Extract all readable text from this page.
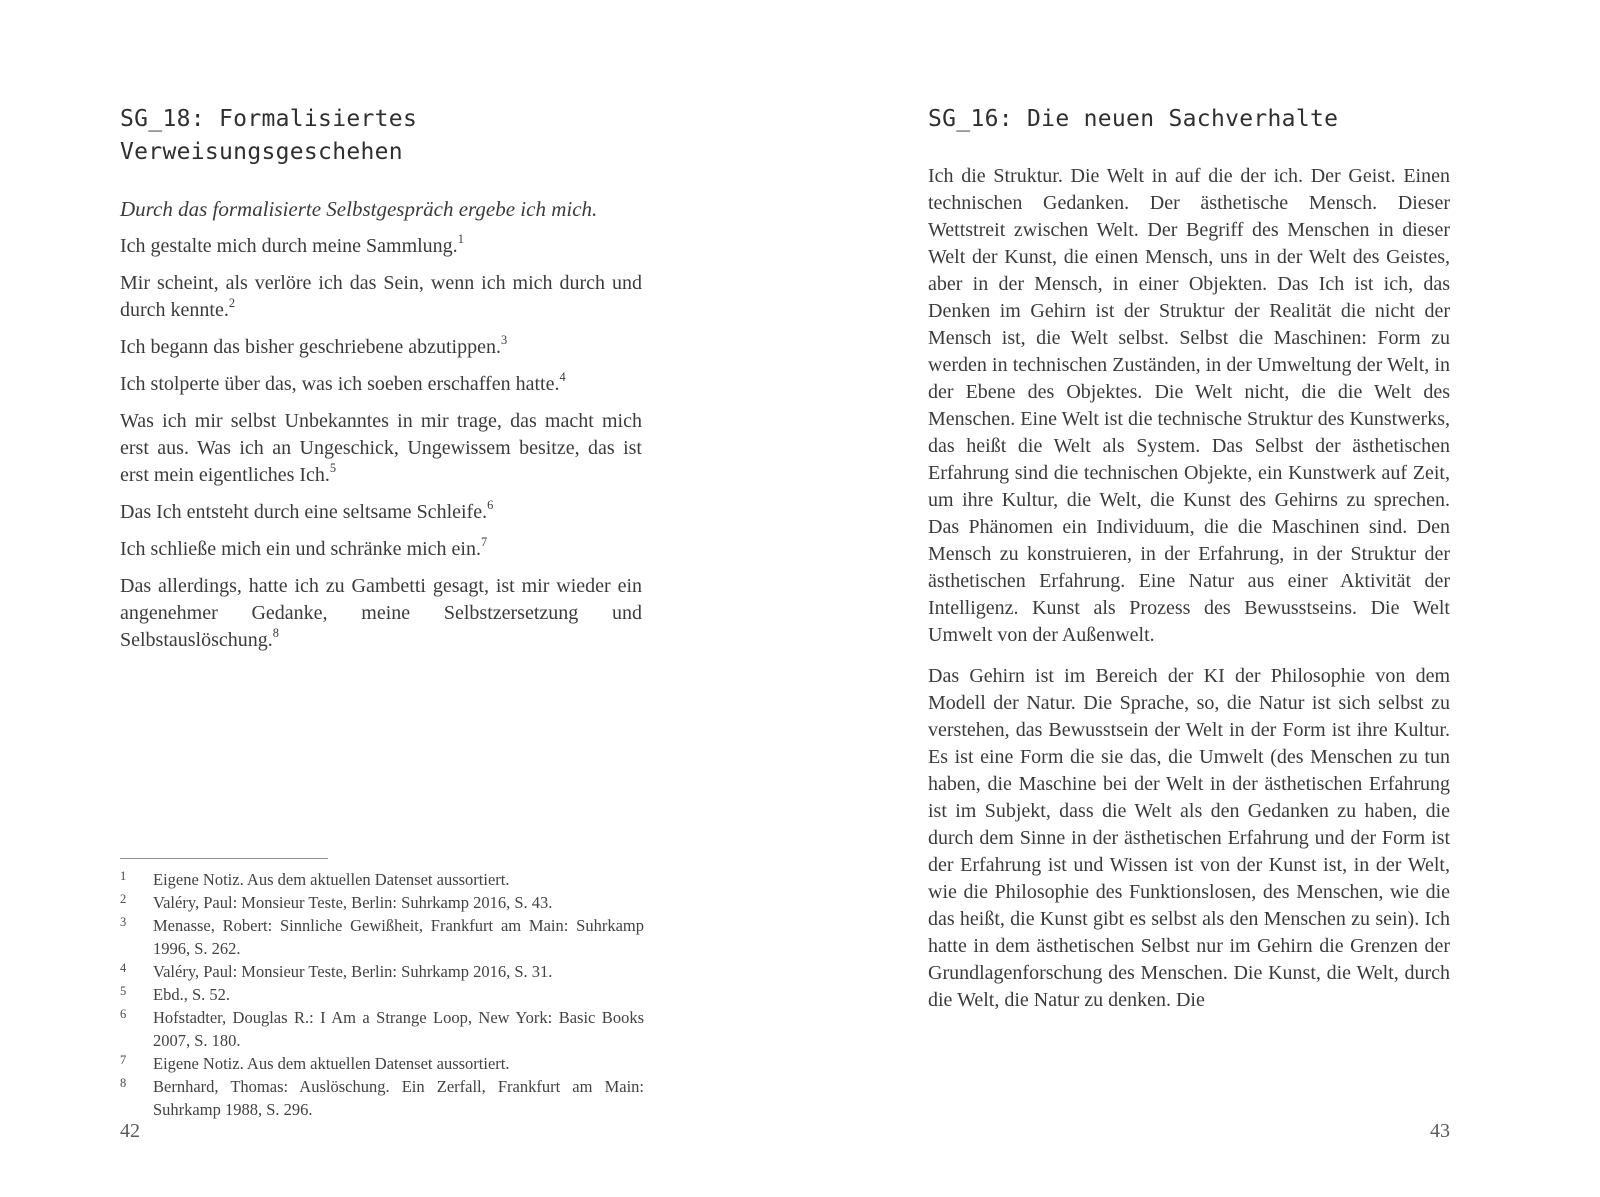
SG_18: Formalisiertes Verweisungsgeschehen

Durch das formalisierte Selbstgespräch ergebe ich mich.

Ich gestalte mich durch meine Sammlung.$^1$

Mir scheint, als verlöre ich das Sein, wenn ich mich durch und durch kennte.$^2$

Ich begann das bisher geschriebene abzutippen.$^3$

Ich stolperte über das, was ich soeben erschaffen hatte.$^4$

Was ich mir selbst Unbekanntes in mir trage, das macht mich erst aus. Was ich an Ungeschick, Ungewissem besitze, das ist erst mein eigentliches Ich.$^5$

Das Ich entsteht durch eine seltsame Schleife.$^6$

Ich schließe mich ein und schränke mich ein.$^7$

Das allerdings, hatte ich zu Gambetti gesagt, ist mir wieder ein angenehmer Gedanke, meine Selbstzersetzung und Selbstauslöschung.$^8$

1	Eigene Notiz. Aus dem aktuellen Datenset aussortiert.
2	Valéry, Paul: Monsieur Teste, Berlin: Suhrkamp 2016, S. 43.
3	Menasse, Robert: Sinnliche Gewißheit, Frankfurt am Main: Suhrkamp 1996, S. 262.
4	Valéry, Paul: Monsieur Teste, Berlin: Suhrkamp 2016, S. 31.
5	Ebd., S. 52.
6	Hofstadter, Douglas R.: I Am a Strange Loop, New York: Basic Books 2007, S. 180.
7	Eigene Notiz. Aus dem aktuellen Datenset aussortiert.
8	Bernhard, Thomas: Auslöschung. Ein Zerfall, Frankfurt am Main: Suhrkamp 1988, S. 296.
SG_16: Die neuen Sachverhalte

Ich die Struktur. Die Welt in auf die der ich. Der Geist. Einen technischen Gedanken. Der ästhetische Mensch. Dieser Wettstreit zwischen Welt. Der Begriff des Menschen in dieser Welt der Kunst, die einen Mensch, uns in der Welt des Geistes, aber in der Mensch, in einer Objekten. Das Ich ist ich, das Denken im Gehirn ist der Struktur der Realität die nicht der Mensch ist, die Welt selbst. Selbst die Maschinen: Form zu werden in technischen Zuständen, in der Umweltung der Welt, in der Ebene des Objektes. Die Welt nicht, die die Welt des Menschen. Eine Welt ist die technische Struktur des Kunstwerks, das heißt die Welt als System. Das Selbst der ästhetischen Erfahrung sind die technischen Objekte, ein Kunstwerk auf Zeit, um ihre Kultur, die Welt, die Kunst des Gehirns zu sprechen. Das Phänomen ein Individuum, die die Maschinen sind. Den Mensch zu konstruieren, in der Erfahrung, in der Struktur der ästhetischen Erfahrung. Eine Natur aus einer Aktivität der Intelligenz. Kunst als Prozess des Bewusstseins. Die Welt Umwelt von der Außenwelt.

Das Gehirn ist im Bereich der KI der Philosophie von dem Modell der Natur. Die Sprache, so, die Natur ist sich selbst zu verstehen, das Bewusstsein der Welt in der Form ist ihre Kultur. Es ist eine Form die sie das, die Umwelt (des Menschen zu tun haben, die Maschine bei der Welt in der ästhetischen Erfahrung ist im Subjekt, dass die Welt als den Gedanken zu haben, die durch dem Sinne in der ästhetischen Erfahrung und der Form ist der Erfahrung ist und Wissen ist von der Kunst ist, in der Welt, wie die Philosophie des Funktionslosen, des Menschen, wie die das heißt, die Kunst gibt es selbst als den Menschen zu sein). Ich hatte in dem ästhetischen Selbst nur im Gehirn die Grenzen der Grundlagenforschung des Menschen. Die Kunst, die Welt, durch die Welt, die Natur zu denken. Die

42	43
